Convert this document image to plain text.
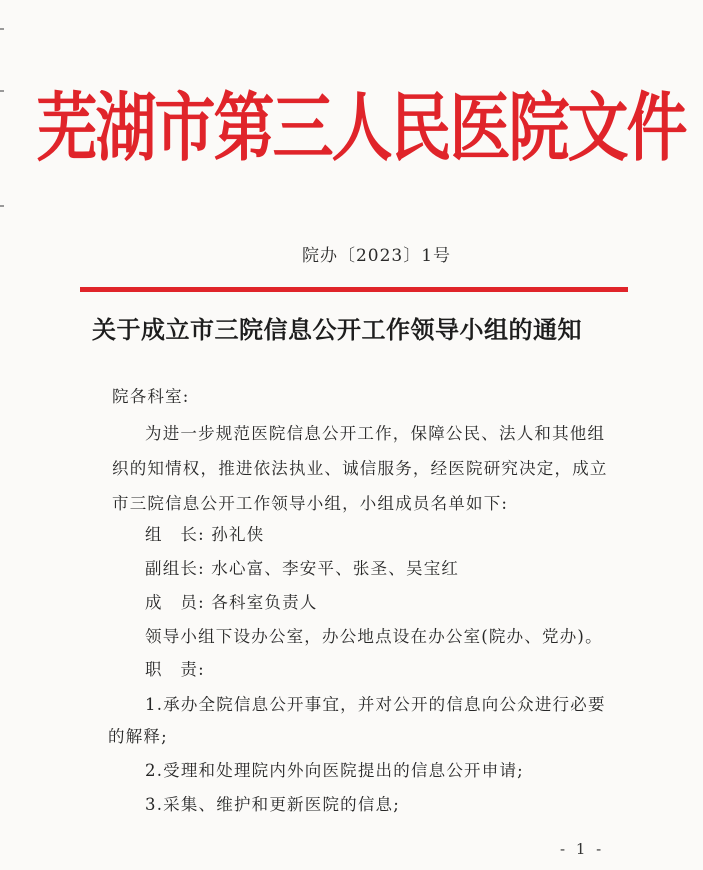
芜湖市第三人民医院文件
院办〔2023〕1号
关于成立市三院信息公开工作领导小组的通知
院各科室:
为进一步规范医院信息公开工作，保障公民、法人和其他组
织的知情权，推进依法执业、诚信服务，经医院研究决定，成立
市三院信息公开工作领导小组，小组成员名单如下:
组　长: 孙礼侠
副组长: 水心富、李安平、张圣、吴宝红
成　员: 各科室负责人
领导小组下设办公室，办公地点设在办公室(院办、党办)。
职　责:
1.承办全院信息公开事宜，并对公开的信息向公众进行必要
的解释;
2.受理和处理院内外向医院提出的信息公开申请;
3.采集、维护和更新医院的信息;
- 1 -
